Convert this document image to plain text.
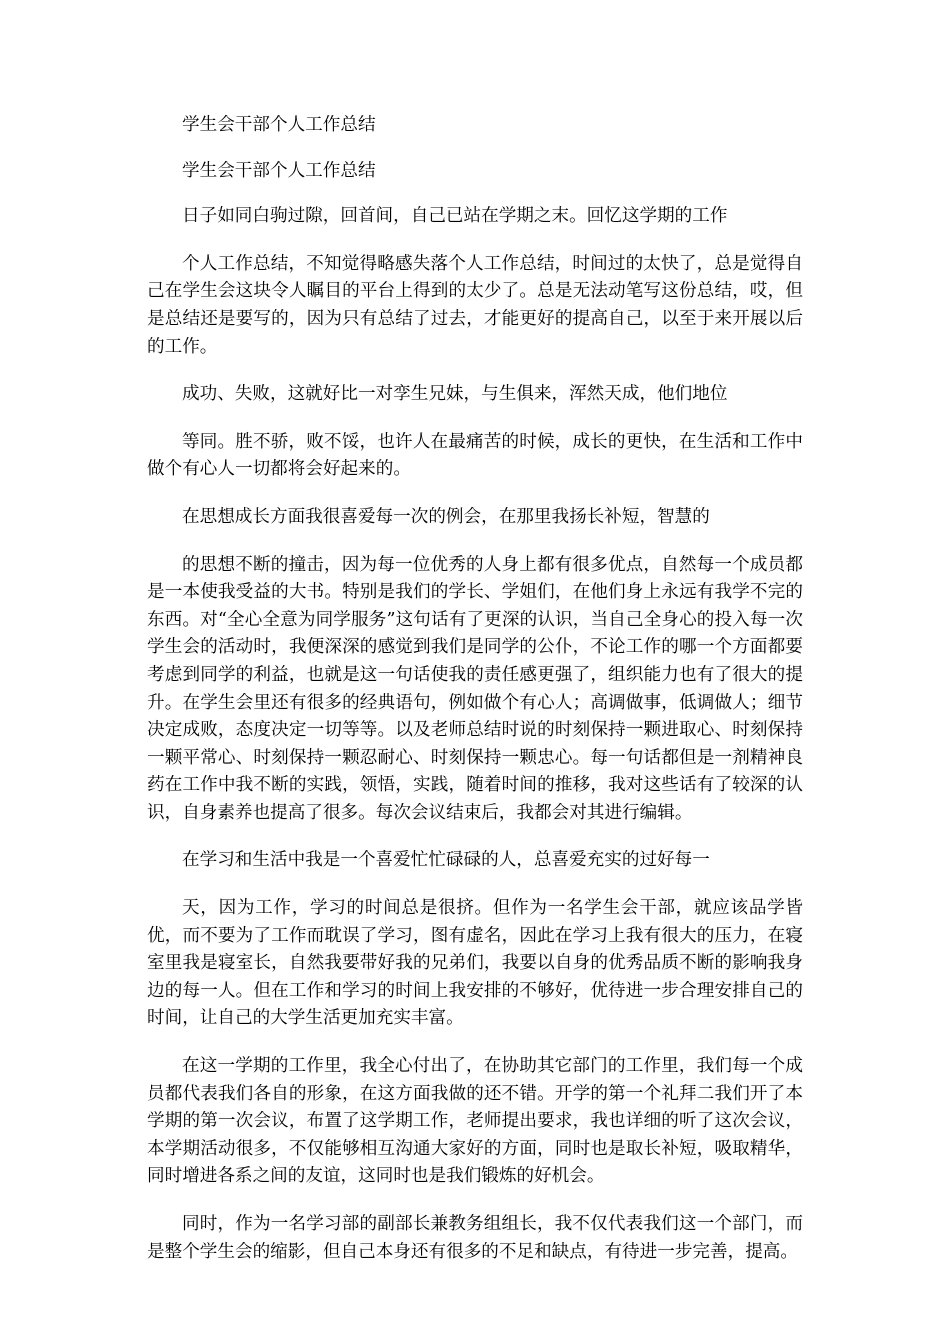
学生会干部个人工作总结

学生会干部个人工作总结

日子如同白驹过隙，回首间，自己已站在学期之末。回忆这学期的工作

个人工作总结，不知觉得略感失落个人工作总结，时间过的太快了，总是觉得自己在学生会这块令人瞩目的平台上得到的太少了。总是无法动笔写这份总结，哎，但是总结还是要写的，因为只有总结了过去，才能更好的提高自己，以至于来开展以后的工作。

成功、失败，这就好比一对孪生兄妹，与生俱来，浑然天成，他们地位

等同。胜不骄，败不馁，也许人在最痛苦的时候，成长的更快，在生活和工作中做个有心人一切都将会好起来的。

在思想成长方面我很喜爱每一次的例会，在那里我扬长补短，智慧的

的思想不断的撞击，因为每一位优秀的人身上都有很多优点，自然每一个成员都是一本使我受益的大书。特别是我们的学长、学姐们，在他们身上永远有我学不完的东西。对“全心全意为同学服务”这句话有了更深的认识，当自己全身心的投入每一次学生会的活动时，我便深深的感觉到我们是同学的公仆，不论工作的哪一个方面都要考虑到同学的利益，也就是这一句话使我的责任感更强了，组织能力也有了很大的提升。在学生会里还有很多的经典语句，例如做个有心人；高调做事，低调做人；细节决定成败，态度决定一切等等。以及老师总结时说的时刻保持一颗进取心、时刻保持一颗平常心、时刻保持一颗忍耐心、时刻保持一颗忠心。每一句话都但是一剂精神良药在工作中我不断的实践，领悟，实践，随着时间的推移，我对这些话有了较深的认识，自身素养也提高了很多。每次会议结束后，我都会对其进行编辑。

在学习和生活中我是一个喜爱忙忙碌碌的人，总喜爱充实的过好每一

天，因为工作，学习的时间总是很挤。但作为一名学生会干部，就应该品学皆优，而不要为了工作而耽误了学习，图有虚名，因此在学习上我有很大的压力，在寝室里我是寝室长，自然我要带好我的兄弟们，我要以自身的优秀品质不断的影响我身边的每一人。但在工作和学习的时间上我安排的不够好，优待进一步合理安排自己的时间，让自己的大学生活更加充实丰富。

在这一学期的工作里，我全心付出了，在协助其它部门的工作里，我们每一个成员都代表我们各自的形象，在这方面我做的还不错。开学的第一个礼拜二我们开了本学期的第一次会议，布置了这学期工作，老师提出要求，我也详细的听了这次会议，本学期活动很多，不仅能够相互沟通大家好的方面，同时也是取长补短，吸取精华，同时增进各系之间的友谊，这同时也是我们锻炼的好机会。

同时，作为一名学习部的副部长兼教务组组长，我不仅代表我们这一个部门，而是整个学生会的缩影，但自己本身还有很多的不足和缺点，有待进一步完善，提高。
